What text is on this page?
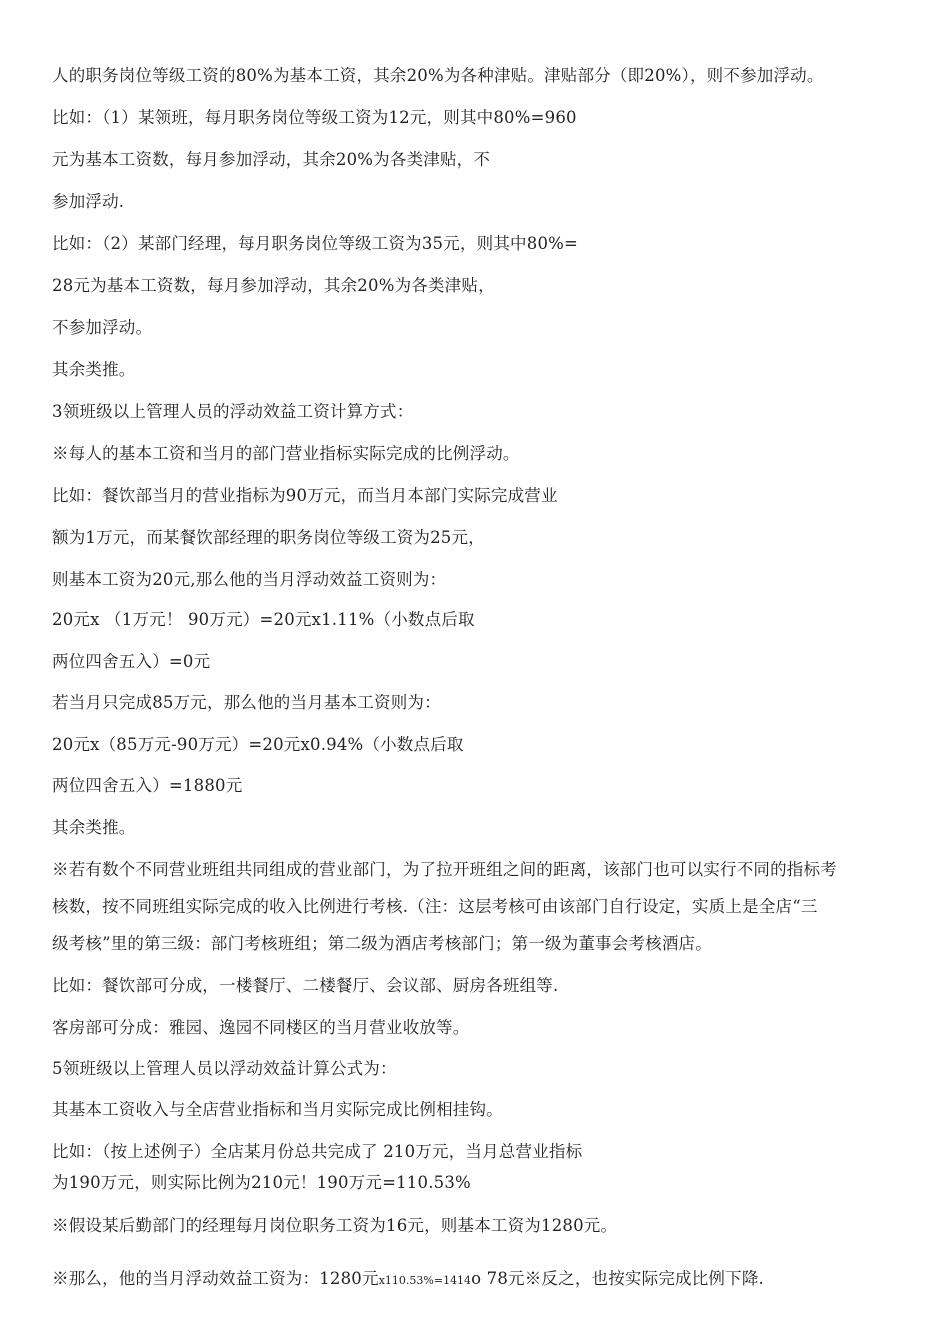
人的职务岗位等级工资的80%为基本工资，其余20%为各种津贴。津贴部分（即20%），则不参加浮动。
比如：（1）某领班，每月职务岗位等级工资为12元，则其中80%=960
元为基本工资数，每月参加浮动，其余20%为各类津贴，不
参加浮动.
比如：（2）某部门经理，每月职务岗位等级工资为35元，则其中80%=
28元为基本工资数，每月参加浮动，其余20%为各类津贴，
不参加浮动。
其余类推。
3领班级以上管理人员的浮动效益工资计算方式：
※每人的基本工资和当月的部门营业指标实际完成的比例浮动。
比如：餐饮部当月的营业指标为90万元，而当月本部门实际完成营业
额为1万元，而某餐饮部经理的职务岗位等级工资为25元，
则基本工资为20元,那么他的当月浮动效益工资则为：
20元x （1万元！ 90万元）=20元x1.11%（小数点后取
两位四舍五入）=0元
若当月只完成85万元，那么他的当月基本工资则为：
20元x（85万元-90万元）=20元x0.94%（小数点后取
两位四舍五入）=1880元
其余类推。
※若有数个不同营业班组共同组成的营业部门，为了拉开班组之间的距离，该部门也可以实行不同的指标考
核数，按不同班组实际完成的收入比例进行考核.（注：这层考核可由该部门自行设定，实质上是全店“三
级考核”里的第三级：部门考核班组；第二级为酒店考核部门；第一级为董事会考核酒店。
比如：餐饮部可分成，一楼餐厅、二楼餐厅、会议部、厨房各班组等.
客房部可分成：雅园、逸园不同楼区的当月营业收放等。
5领班级以上管理人员以浮动效益计算公式为：
其基本工资收入与全店营业指标和当月实际完成比例相挂钩。
比如：（按上述例子）全店某月份总共完成了 210万元，当月总营业指标
为190万元，则实际比例为210元！190万元=110.53%
※假设某后勤部门的经理每月岗位职务工资为16元，则基本工资为1280元。
※那么，他的当月浮动效益工资为：1280元x110.53%=1414o 78元※反之，也按实际完成比例下降.
